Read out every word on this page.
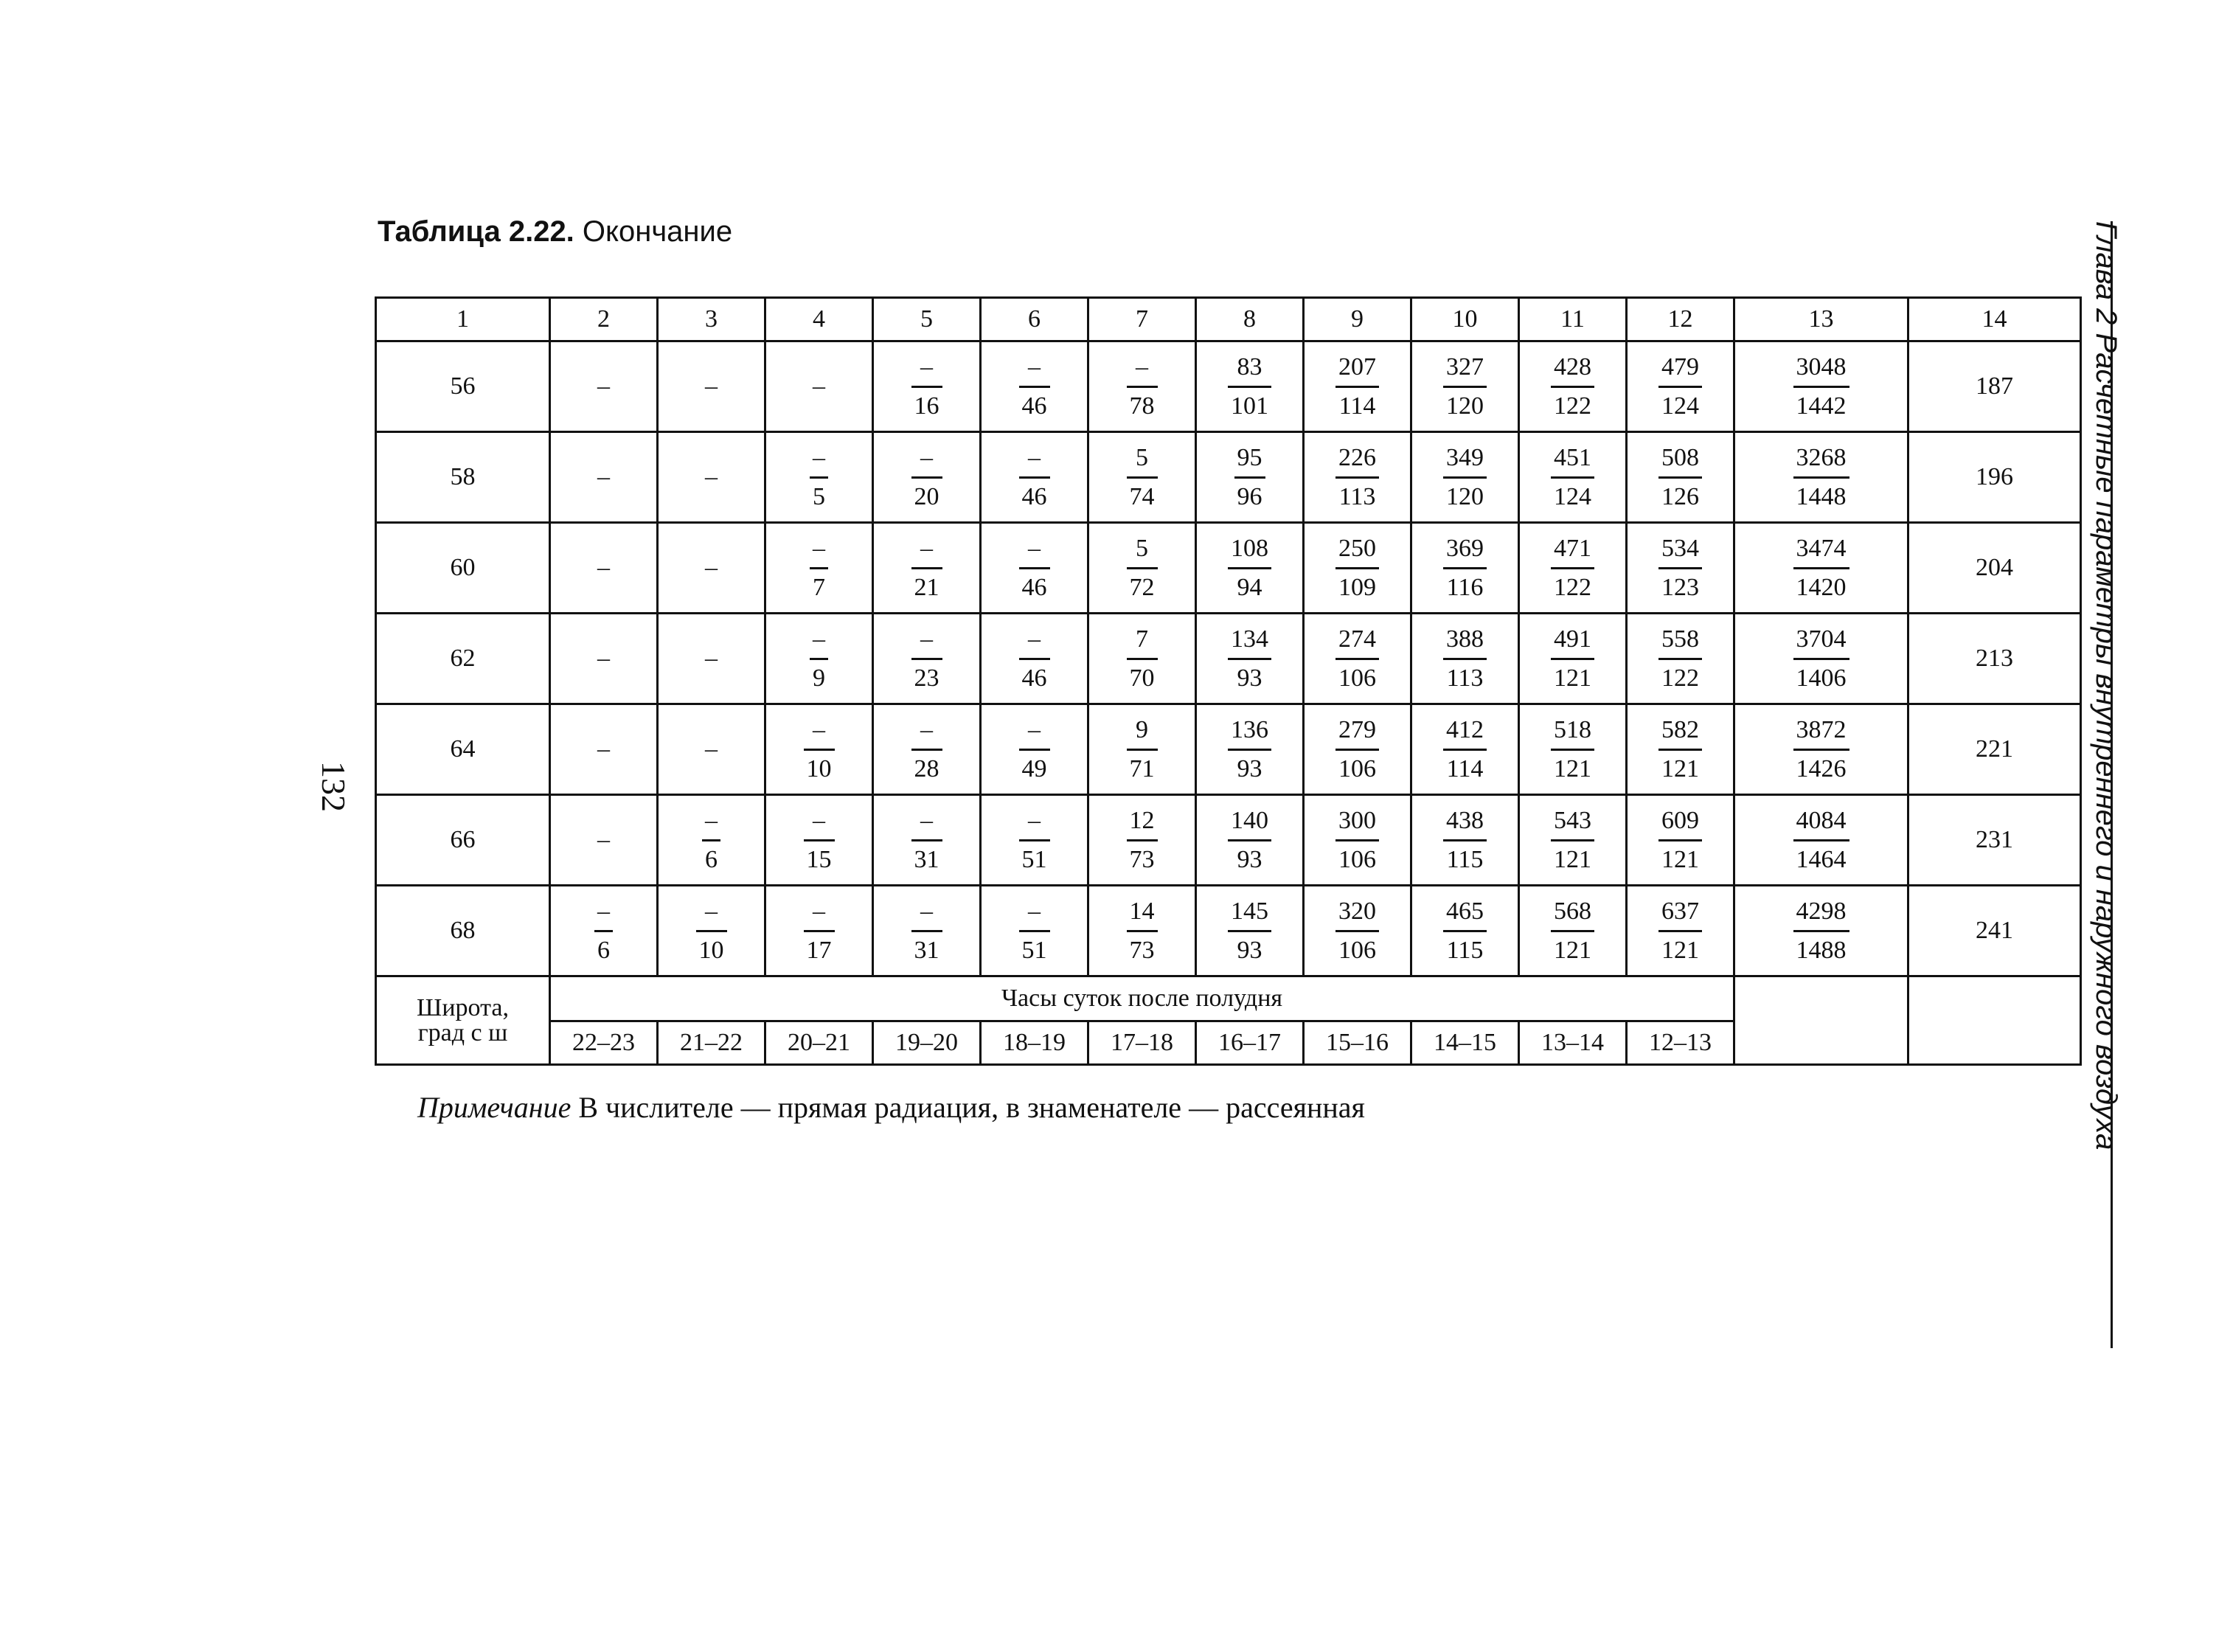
Таблица 2.22. Окончание
132	Глава 2 Расчетные параметры внутреннего и наружного воздуха
1	2	3	4	5	6	7	8	9	10	11	12	13	14
56	–	–	–	$\frac{-}{16}$	$\frac{-}{46}$	$\frac{-}{78}$	$\frac{83}{101}$	$\frac{207}{114}$	$\frac{327}{120}$	$\frac{428}{122}$	$\frac{479}{124}$	$\frac{3048}{1442}$	187
58	–	–	$\frac{-}{5}$	$\frac{-}{20}$	$\frac{-}{46}$	$\frac{5}{74}$	$\frac{95}{96}$	$\frac{226}{113}$	$\frac{349}{120}$	$\frac{451}{124}$	$\frac{508}{126}$	$\frac{3268}{1448}$	196
60	–	–	$\frac{-}{7}$	$\frac{-}{21}$	$\frac{-}{46}$	$\frac{5}{72}$	$\frac{108}{94}$	$\frac{250}{109}$	$\frac{369}{116}$	$\frac{471}{122}$	$\frac{534}{123}$	$\frac{3474}{1420}$	204
62	–	–	$\frac{-}{9}$	$\frac{-}{23}$	$\frac{-}{46}$	$\frac{7}{70}$	$\frac{134}{93}$	$\frac{274}{106}$	$\frac{388}{113}$	$\frac{491}{121}$	$\frac{558}{122}$	$\frac{3704}{1406}$	213
64	–	–	$\frac{-}{10}$	$\frac{-}{28}$	$\frac{-}{49}$	$\frac{9}{71}$	$\frac{136}{93}$	$\frac{279}{106}$	$\frac{412}{114}$	$\frac{518}{121}$	$\frac{582}{121}$	$\frac{3872}{1426}$	221
66	–	$\frac{-}{6}$	$\frac{-}{15}$	$\frac{-}{31}$	$\frac{-}{51}$	$\frac{12}{73}$	$\frac{140}{93}$	$\frac{300}{106}$	$\frac{438}{115}$	$\frac{543}{121}$	$\frac{609}{121}$	$\frac{4084}{1464}$	231
68	$\frac{-}{6}$	$\frac{-}{10}$	$\frac{-}{17}$	$\frac{-}{31}$	$\frac{-}{51}$	$\frac{14}{73}$	$\frac{145}{93}$	$\frac{320}{106}$	$\frac{465}{115}$	$\frac{568}{121}$	$\frac{637}{121}$	$\frac{4298}{1488}$	241
Широта,
град с ш	Часы суток после полудня												
	22–23	21–22	20–21	19–20	18–19	17–18	16–17	15–16	14–15	13–14	12–13		
Примечание В числителе — прямая радиация, в знаменателе — рассеянная
